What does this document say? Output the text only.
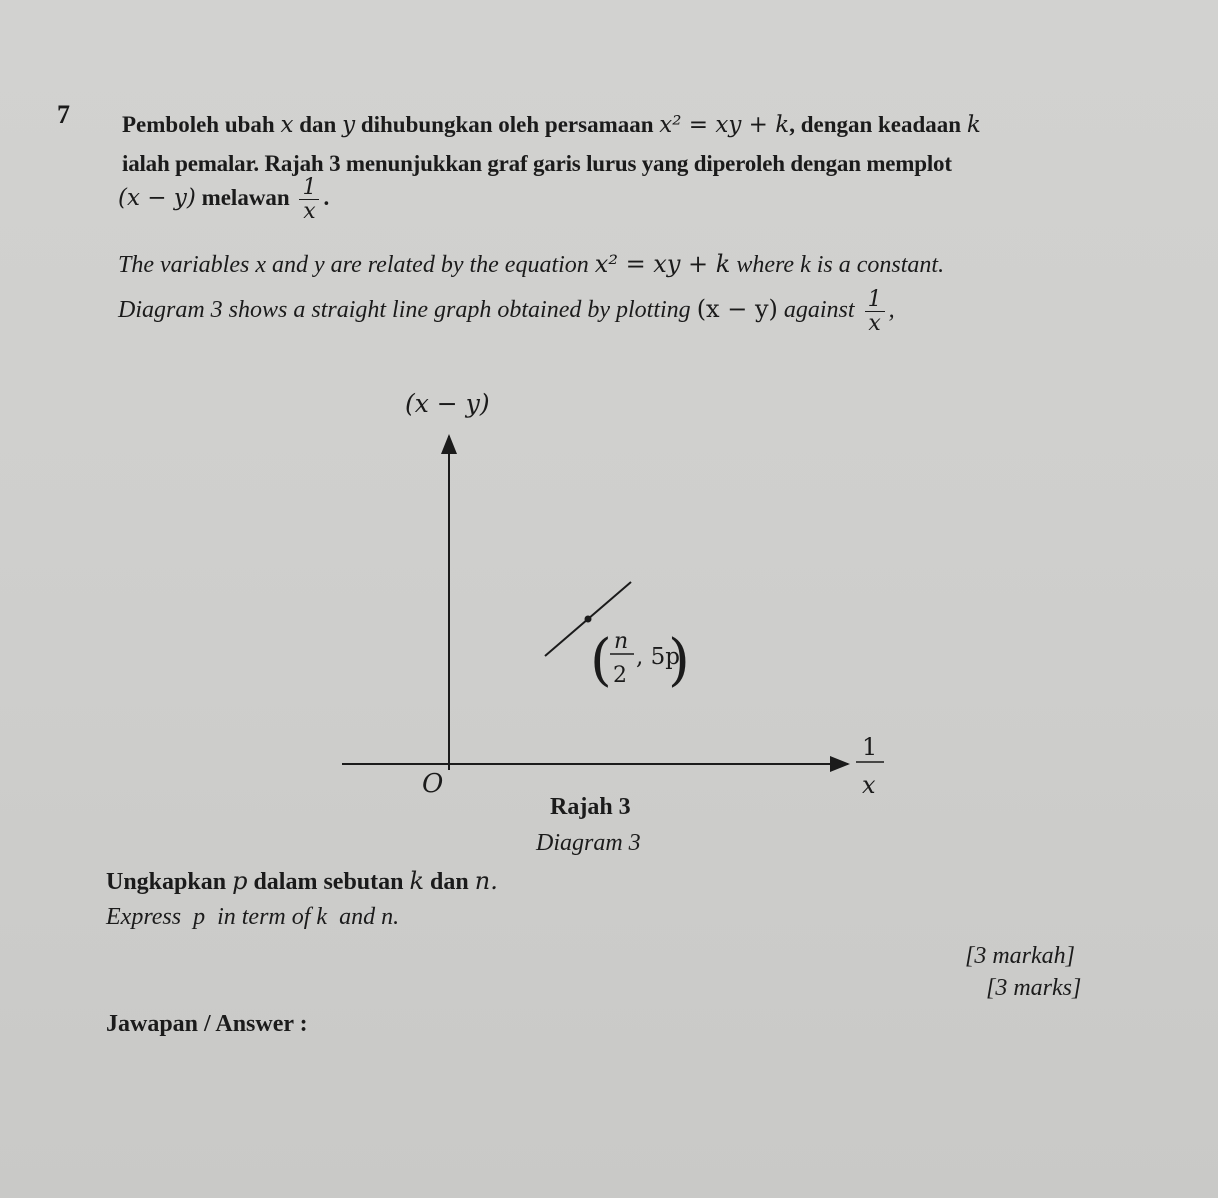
7 Pemboleh ubah x dan y dihubungkan oleh persamaan x² = xy + k, dengan keadaan k
ialah pemalar. Rajah 3 menunjukkan graf garis lurus yang diperoleh dengan memplot
(x − y) melawan $\frac{1}{x}$ .
The variables x and y are related by the equation x² = xy + k where k is a constant.
Diagram 3 shows a straight line graph obtained by plotting (x − y) against $\frac{1}{x}$ ,
(x − y)
1
x
O
( n
2
, 5p
)
Rajah 3
Diagram 3
Ungkapkan p dalam sebutan k dan n.
Express  p  in term of k  and n.
[3 markah]
[3 marks]
Jawapan / Answer :
